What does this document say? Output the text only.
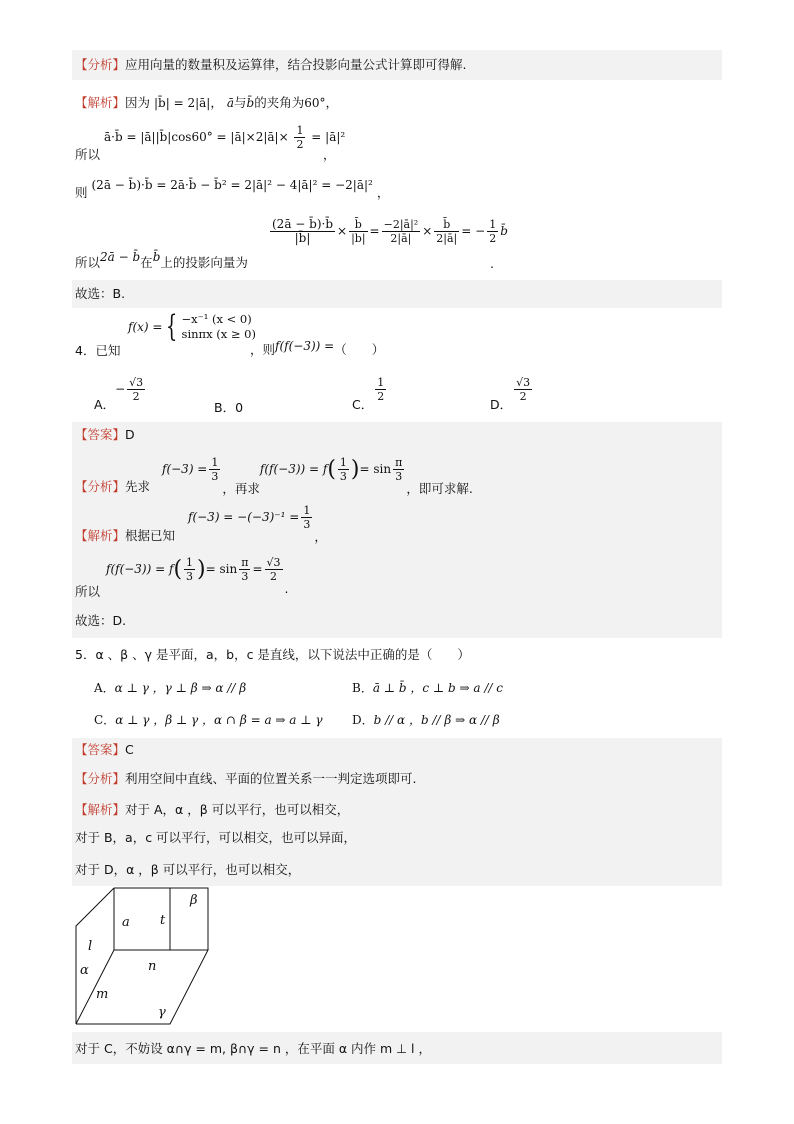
【分析】应用向量的数量积及运算律，结合投影向量公式计算即可得解.
【解析】因为 |b̄| = 2|ā|， ā与b̄的夹角为60°，
ā·b̄ = |ā||b̄|cos60° = |ā|×2|ā|× $\frac{1}{2}$ = |ā|²
所以	，
则 (2ā − b̄)·b̄ = 2ā·b̄ − b̄² = 2|ā|² − 4|ā|² = −2|ā|² ，
所以2ā − b̄在b̄上的投影向量为
$\frac{(2ā - b̄)\cdot b̄}{|b̄|} \times \frac{b̄}{|b̄|} = \frac{\text{−2|ā|²}}{2|ā|} \times \frac{b̄}{2|ā|}$ = − $\frac{1}{2}$ b̄
.
故选：B.
4．已知
f(x) = { −x⁻¹ (x < 0)
sinπx (x ≥ 0)
，则f(f(−3)) =（　　）
A．− $\frac{√3}{2}$
B．0	C．
$\frac{1}{2}$
D．
$\frac{√3}{2}$
【答案】D
【分析】先求
$f(-3) = \frac{1}{3}$
，再求$f(f(-3)) = f( \frac{1}{3}$ )= $\sin \frac{\pi}{3}$
，即可求解.
【解析】根据已知
$f(-3) = -(-3)^{-1} = \frac{1}{3}$
，
所以
$f(f(-3)) = f( \frac{1}{3}$ )= $\sin \frac{\pi}{3} = \frac{√3}{2}$
.
故选：D.
5．α 、β 、γ 是平面，a，b，c 是直线，以下说法中正确的是（　　）
A．α ⊥ γ ，γ ⊥ β ⇒ α // β	B．ā ⊥ b̄ ，c ⊥ b ⇒ a // c
C．α ⊥ γ ，β ⊥ γ ，α ∩ β = a ⇒ a ⊥ γ D．b // α ，b // β ⇒ α // β
【答案】C
【分析】利用空间中直线、平面的位置关系一一判定选项即可.
【解析】对于 A，α ，β 可以平行，也可以相交，
对于 B，a，c 可以平行，可以相交，也可以异面，
对于 D，α ，β 可以平行，也可以相交，
β
a t
l
α	n
m
γ
对于 C，不妨设 α∩γ = m, β∩γ = n ，在平面 α 内作 m ⊥ l ，
